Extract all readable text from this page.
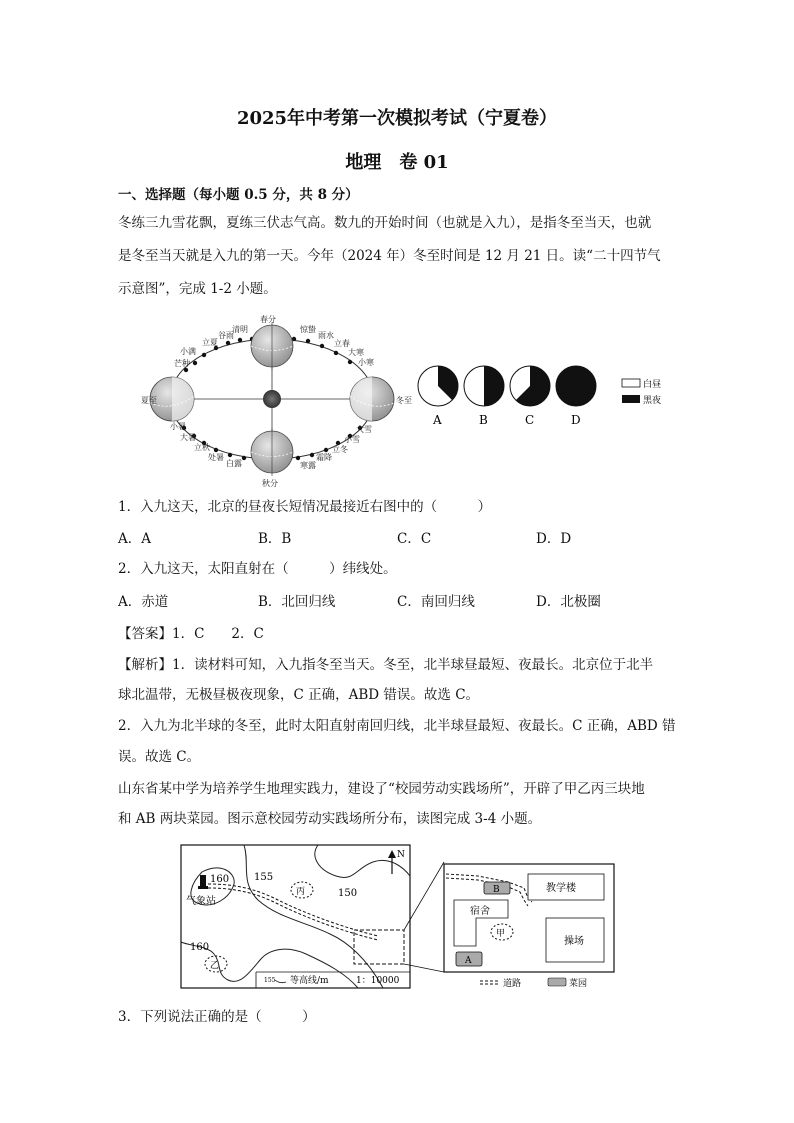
2025年中考第一次模拟考试（宁夏卷）
地理　卷 01
一、选择题（每小题 0.5 分，共 8 分）
冬练三九雪花飘，夏练三伏志气高。数九的开始时间（也就是入九），是指冬至当天，也就
是冬至当天就是入九的第一天。今年（2024 年）冬至时间是 12 月 21 日。读“二十四节气
示意图”，完成 1-2 小题。
春分
夏至
秋分
冬至
惊蛰
雨水
立春
大寒
小寒
清明
谷雨
立夏
小满
芒种
小暑
大暑
立秋
处暑
白露	寒露
霜降
立冬
小雪
大雪
A	B	C	D
白昼
黑夜
1．入九这天，北京的昼夜长短情况最接近右图中的（　　　）
A．A	B．B	C．C	D．D
2．入九这天，太阳直射在（　　　）纬线处。
A．赤道	B．北回归线	C．南回归线	D．北极圈
【答案】1．C　　2．C
【解析】1．读材料可知，入九指冬至当天。冬至，北半球昼最短、夜最长。北京位于北半
球北温带，无极昼极夜现象，C 正确，ABD 错误。故选 C。
2．入九为北半球的冬至，此时太阳直射南回归线，北半球昼最短、夜最长。C 正确，ABD 错
误。故选 C。
山东省某中学为培养学生地理实践力，建设了“校园劳动实践场所”，开辟了甲乙丙三块地
和 AB 两块菜园。图示意校园劳动实践场所分布，读图完成 3-4 小题。
160
气象站
155
150
160
丙
乙
N
155 等高线/m	1：10000
B	教学楼
宿舍
甲
操场
A
道路	菜园
3．下列说法正确的是（　　　）
